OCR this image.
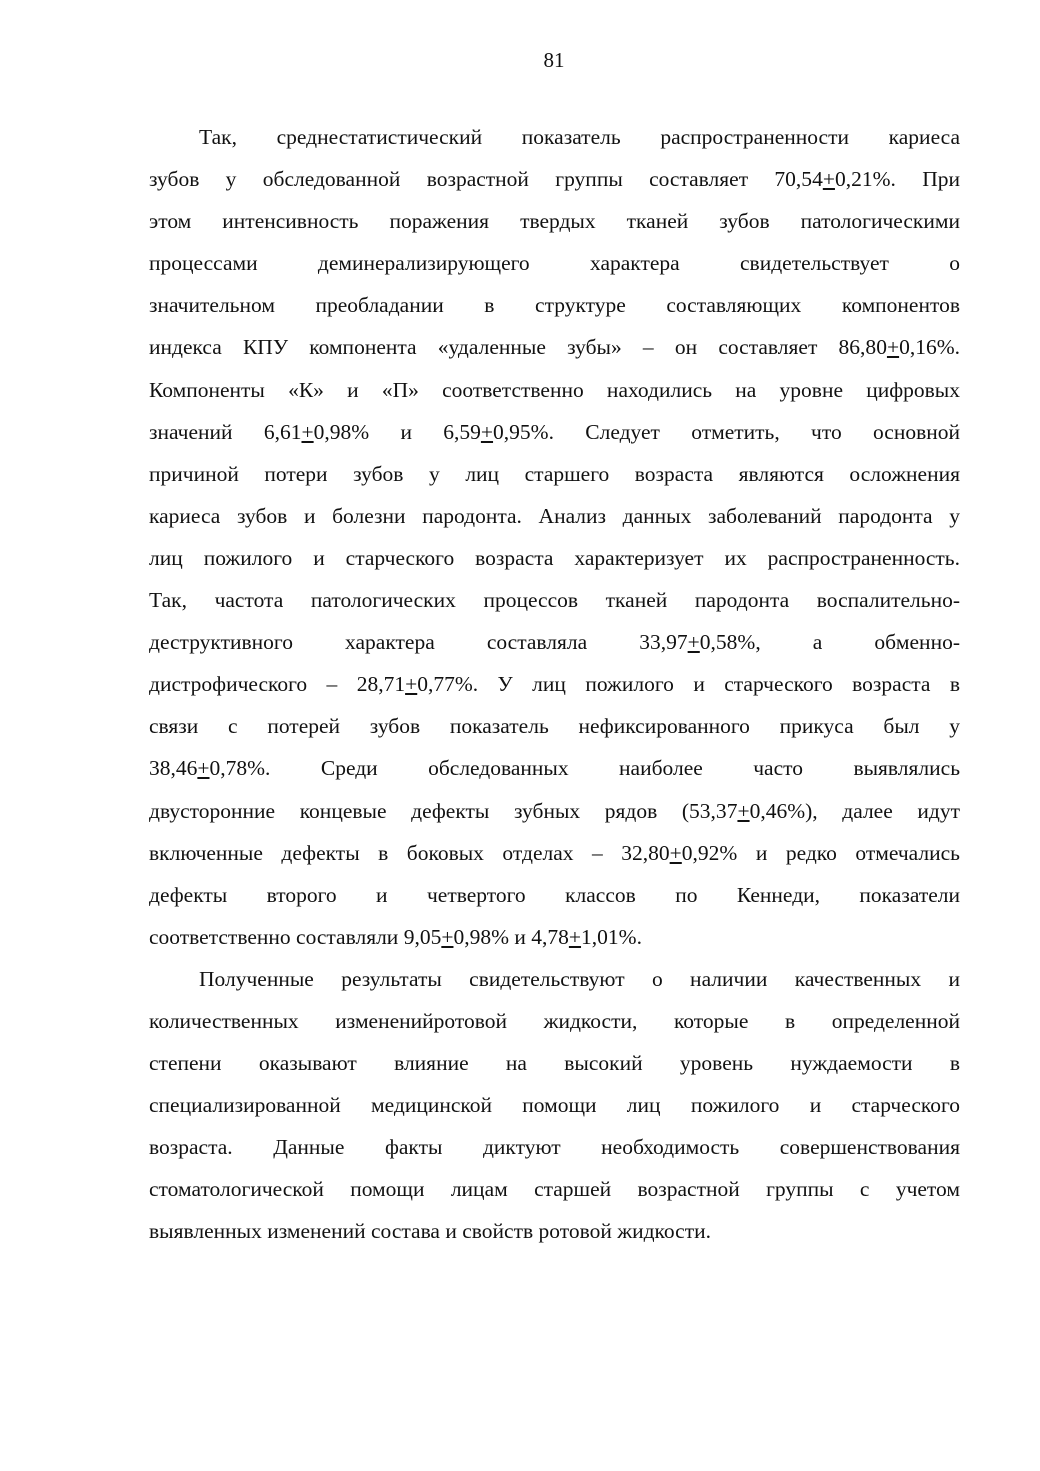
81
Так, среднестатистический показатель распространенности кариеса
зубов у обследованной возрастной группы составляет 70,54+0,21%. При
этом интенсивность поражения твердых тканей зубов патологическими
процессами деминерализирующего характера свидетельствует о
значительном преобладании в структуре составляющих компонентов
индекса КПУ компонента «удаленные зубы» – он составляет 86,80+0,16%.
Компоненты «К» и «П» соответственно находились на уровне цифровых
значений 6,61+0,98% и 6,59+0,95%. Следует отметить, что основной
причиной потери зубов у лиц старшего возраста являются осложнения
кариеса зубов и болезни пародонта. Анализ данных заболеваний пародонта у
лиц пожилого и старческого возраста характеризует их распространенность.
Так, частота патологических процессов тканей пародонта воспалительно-
деструктивного характера составляла 33,97+0,58%, а обменно-
дистрофического – 28,71+0,77%. У лиц пожилого и старческого возраста в
связи с потерей зубов показатель нефиксированного прикуса был у
38,46+0,78%. Среди обследованных наиболее часто выявлялись
двусторонние концевые дефекты зубных рядов (53,37+0,46%), далее идут
включенные дефекты в боковых отделах – 32,80+0,92% и редко отмечались
дефекты второго и четвертого классов по Кеннеди, показатели
соответственно составляли 9,05+0,98% и 4,78+1,01%.
Полученные результаты свидетельствуют о наличии качественных и
количественных измененийротовой жидкости, которые в определенной
степени оказывают влияние на высокий уровень нуждаемости в
специализированной медицинской помощи лиц пожилого и старческого
возраста. Данные факты диктуют необходимость совершенствования
стоматологической помощи лицам старшей возрастной группы с учетом
выявленных изменений состава и свойств ротовой жидкости.
